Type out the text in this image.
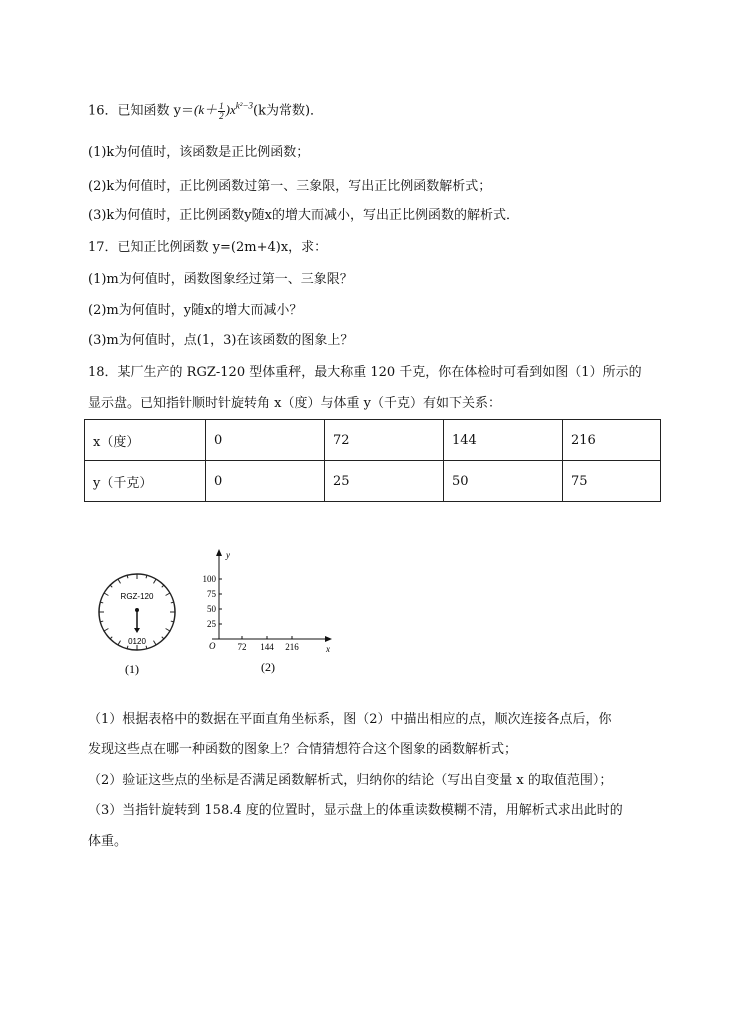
16．已知函数 $y=(k+ \frac{1}{2} )x^{k^2-3}(k$为常数)．
(1)k为何值时，该函数是正比例函数；
(2)k为何值时，正比例函数过第一、三象限，写出正比例函数解析式；
(3)k为何值时，正比例函数y随x的增大而减小，写出正比例函数的解析式．
17．已知正比例函数 y=(2m+4)x，求：
(1)m为何值时，函数图象经过第一、三象限？
(2)m为何值时，y随x的增大而减小？
(3)m为何值时，点(1，3)在该函数的图象上？
18．某厂生产的 RGZ-120 型体重秤，最大称重 120 千克，你在体检时可看到如图（1）所示的
显示盘。已知指针顺时针旋转角 x（度）与体重 y（千克）有如下关系：
x（度）	0	72	144	216
y（千克）	0	25	50	75
RGZ-120
0120
(1)
y
x
O
100
75
50
25
72 144 216
(2)
（1）根据表格中的数据在平面直角坐标系，图（2）中描出相应的点，顺次连接各点后，你
发现这些点在哪一种函数的图象上？合情猜想符合这个图象的函数解析式；
（2）验证这些点的坐标是否满足函数解析式，归纳你的结论（写出自变量 x 的取值范围）；
（3）当指针旋转到 158.4 度的位置时，显示盘上的体重读数模糊不清，用解析式求出此时的
体重。
